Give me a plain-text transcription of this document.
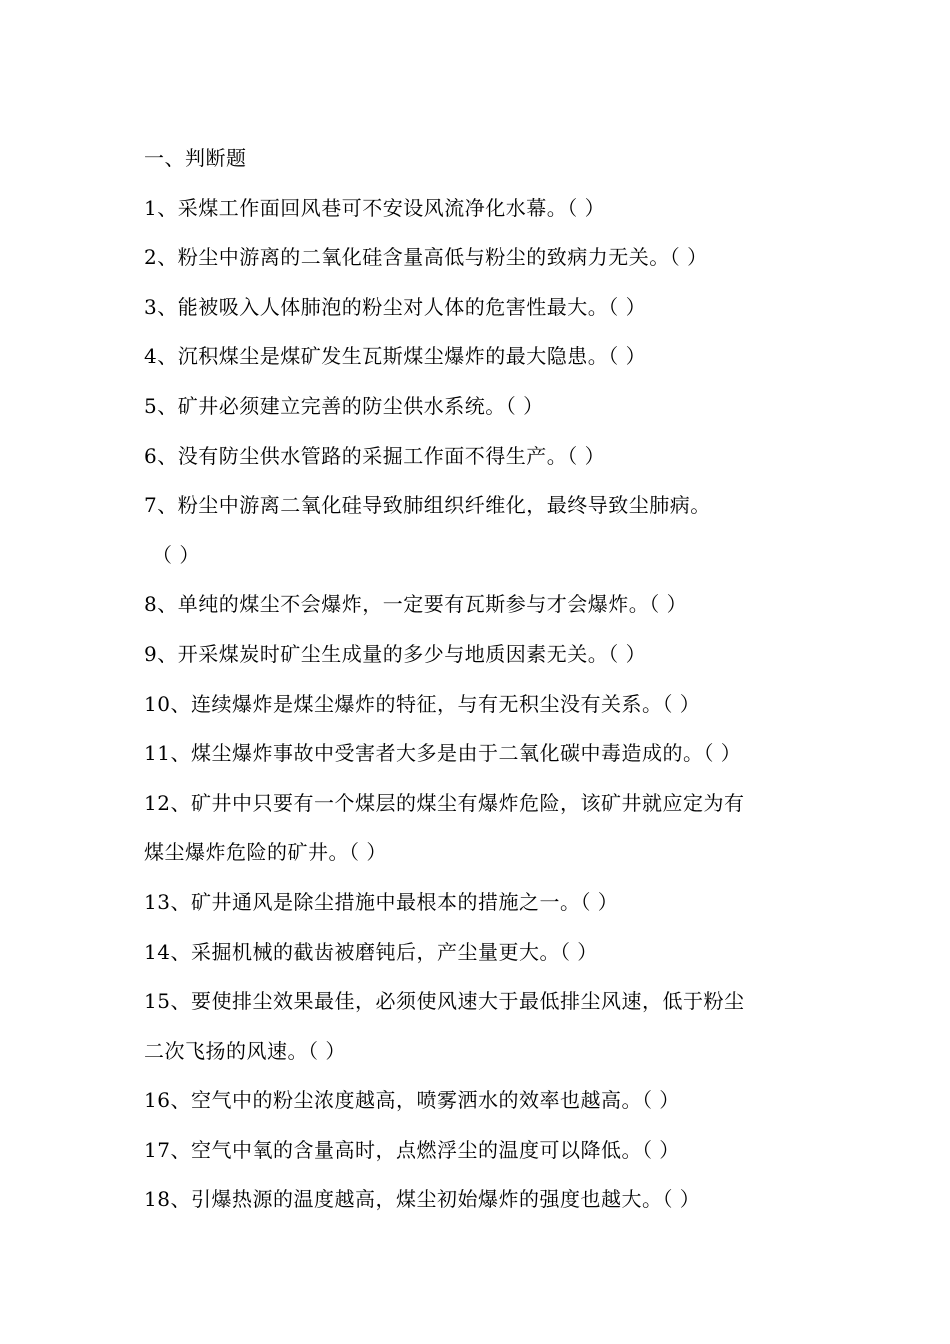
一、判断题
1、采煤工作面回风巷可不安设风流净化水幕。（ ）
2、粉尘中游离的二氧化硅含量高低与粉尘的致病力无关。（ ）
3、能被吸入人体肺泡的粉尘对人体的危害性最大。（ ）
4、沉积煤尘是煤矿发生瓦斯煤尘爆炸的最大隐患。（ ）
5、矿井必须建立完善的防尘供水系统。（ ）
6、没有防尘供水管路的采掘工作面不得生产。（ ）
7、粉尘中游离二氧化硅导致肺组织纤维化，最终导致尘肺病。
（ ）
8、单纯的煤尘不会爆炸，一定要有瓦斯参与才会爆炸。（ ）
9、开采煤炭时矿尘生成量的多少与地质因素无关。（ ）
10、连续爆炸是煤尘爆炸的特征，与有无积尘没有关系。（ ）
11、煤尘爆炸事故中受害者大多是由于二氧化碳中毒造成的。（ ）
12、矿井中只要有一个煤层的煤尘有爆炸危险，该矿井就应定为有
煤尘爆炸危险的矿井。（ ）
13、矿井通风是除尘措施中最根本的措施之一。（ ）
14、采掘机械的截齿被磨钝后，产尘量更大。（ ）
15、要使排尘效果最佳，必须使风速大于最低排尘风速，低于粉尘
二次飞扬的风速。（ ）
16、空气中的粉尘浓度越高，喷雾洒水的效率也越高。（ ）
17、空气中氧的含量高时，点燃浮尘的温度可以降低。（ ）
18、引爆热源的温度越高，煤尘初始爆炸的强度也越大。（ ）
